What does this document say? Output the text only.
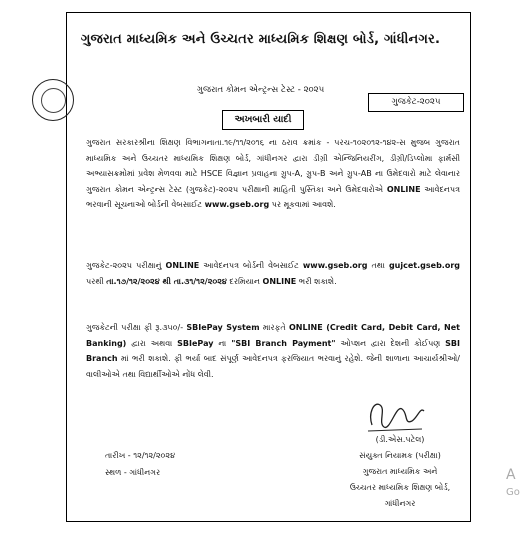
ગુજરાત માધ્યમિક અને ઉચ્ચતર માધ્યમિક શિક્ષણ બોર્ડ, ગાંધીનગર.
ગુજરાત કોમન એન્ટ્રન્સ ટેસ્ટ - ૨૦૨૫
ગુજકેટ-૨૦૨૫
અખબારી યાદી
ગુજરાત સરકારશ્રીના શિક્ષણ વિભાગનાતા.૧૯/૧૧/૨૦૧૬ ના ઠરાવ ક્રમાંક - પરચ-૧૦૨૦૧૨-૧૪૨-સ મુજબ ગુજરાત માધ્યમિક અને ઉચ્ચતર માધ્યમિક શિક્ષણ બોર્ડ, ગાંધીનગર દ્વારા ડીગ્રી એન્જિનિયરીંગ, ડીગ્રી/ડિપ્લોમા ફાર્મસી અભ્યાસક્રમોમાં પ્રવેશ મેળવવા માટે HSCE વિજ્ઞાન પ્રવાહના ગ્રુપ-A, ગ્રુપ-B અને ગ્રુપ-AB ના ઉમેદવારો માટે લેવાનાર ગુજરાત કોમન એન્ટ્રન્સ ટેસ્ટ (ગુજકેટ)-૨૦૨૫ પરીક્ષાની માહિતી પુસ્તિકા અને ઉમેદવારોએ ONLINE આવેદનપત્ર ભરવાની સૂચનાઓ બોર્ડની વેબસાઈટ www.gseb.org પર મૂકવામાં આવશે.
ગુજકેટ-૨૦૨૫ પરીક્ષાનું ONLINE આવેદનપત્ર બોર્ડની વેબસાઈટ www.gseb.org તથા gujcet.gseb.org પરથી તા.૧૭/૧૨/૨૦૨૪ થી તા.૩૧/૧૨/૨૦૨૪ દરમિયાન ONLINE ભરી શકાશે.
ગુજકેટની પરીક્ષા ફી રૂ.૩૫૦/- SBIePay System મારફતે ONLINE (Credit Card, Debit Card, Net Banking) દ્વારા અથવા SBIePay ના "SBI Branch Payment" ઓપ્શન દ્વારા દેશની કોઈપણ SBI Branch માં ભરી શકાશે. ફી ભર્યા બાદ સંપૂર્ણ આવેદનપત્ર ફરજિયાત ભરવાનું રહેશે. જેની શાળાના આચાર્યશ્રીઓ/વાલીઓએ તથા વિદ્યાર્થીઓએ નોંધ લેવી.
(ડી.એસ.પટેલ)
સંયુક્ત નિયામક (પરીક્ષા)
ગુજરાત માધ્યમિક અને
ઉચ્ચતર માધ્યમિક શિક્ષણ બોર્ડ,
ગાંધીનગર
તારીખ - ૧૨/૧૨/૨૦૨૪
સ્થળ - ગાંધીનગર	A
Go
